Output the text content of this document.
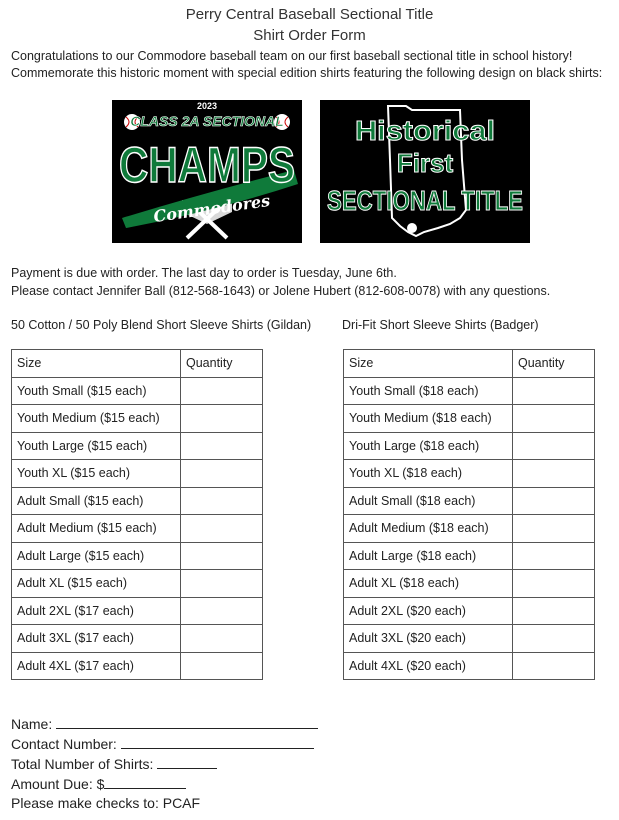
Perry Central Baseball Sectional Title
Shirt Order Form
Congratulations to our Commodore baseball team on our first baseball sectional title in school history!
Commemorate this historic moment with special edition shirts featuring the following design on black shirts:
2023
CLASS 2A SECTIONAL
CHAMPS
Commodores
Historical
First
SECTIONAL TITLE
Payment is due with order. The last day to order is Tuesday, June 6th.
Please contact Jennifer Ball (812-568-1643) or Jolene Hubert (812-608-0078) with any questions.
50 Cotton / 50 Poly Blend Short Sleeve Shirts (Gildan) Dri-Fit Short Sleeve Shirts (Badger)
Size	Quantity
Youth Small ($15 each)	
Youth Medium ($15 each)	
Youth Large ($15 each)	
Youth XL ($15 each)	
Adult Small ($15 each)	
Adult Medium ($15 each)	
Adult Large ($15 each)	
Adult XL ($15 each)	
Adult 2XL ($17 each)	
Adult 3XL ($17 each)	
Adult 4XL ($17 each)	
Size	Quantity
Youth Small ($18 each)	
Youth Medium ($18 each)	
Youth Large ($18 each)	
Youth XL ($18 each)	
Adult Small ($18 each)	
Adult Medium ($18 each)	
Adult Large ($18 each)	
Adult XL ($18 each)	
Adult 2XL ($20 each)	
Adult 3XL ($20 each)	
Adult 4XL ($20 each)	
Name:
Contact Number:
Total Number of Shirts:
Amount Due: $
Please make checks to: PCAF
